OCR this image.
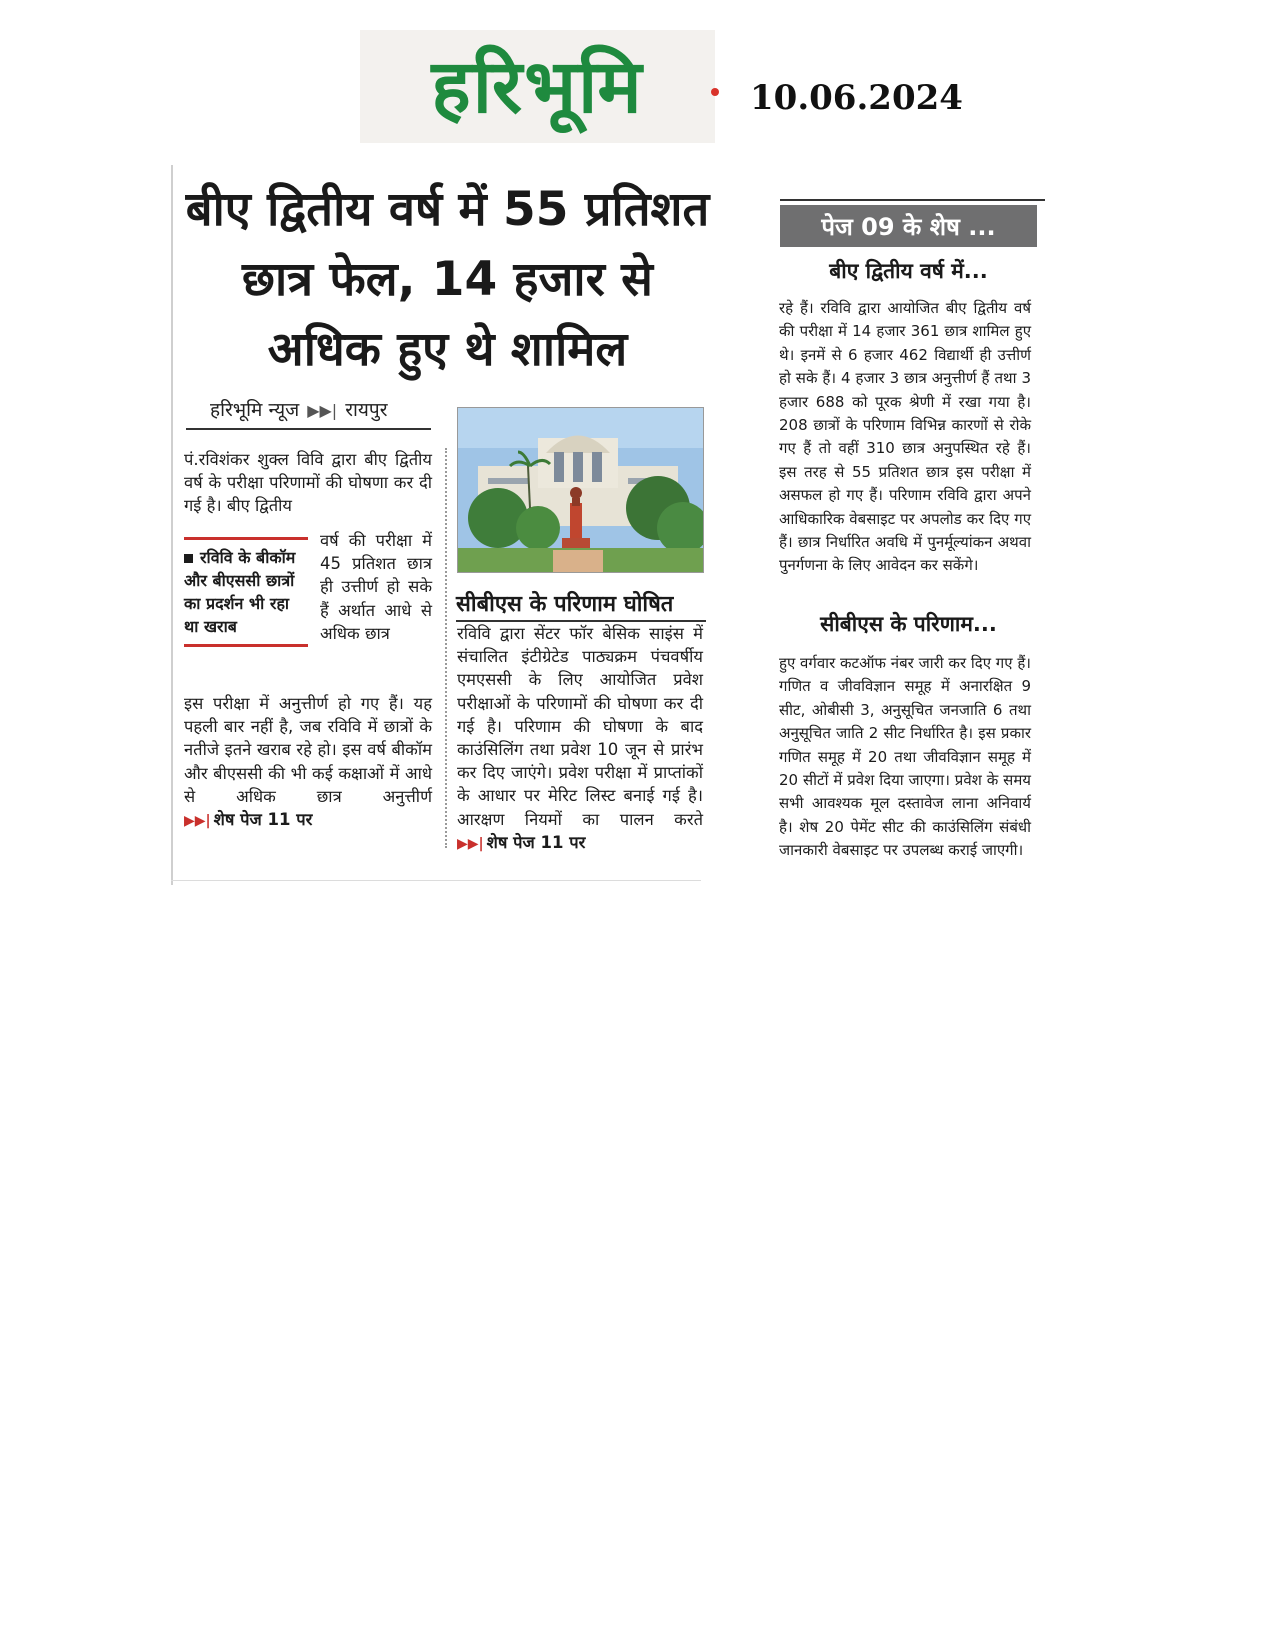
हरिभूमि	10.06.2024
बीए द्वितीय वर्ष में 55 प्रतिशत छात्र फेल, 14 हजार से अधिक हुए थे शामिल
हरिभूमि न्यूज ▶▶| रायपुर

पं.रविशंकर शुक्ल विवि द्वारा बीए द्वितीय वर्ष के परीक्षा परिणामों की घोषणा कर दी गई है। बीए द्वितीय

रविवि के बीकॉम और बीएससी छात्रों का प्रदर्शन भी रहा था खराब

वर्ष की परीक्षा में 45 प्रतिशत छात्र ही उत्तीर्ण हो सके हैं अर्थात आधे से अधिक छात्र

इस परीक्षा में अनुत्तीर्ण हो गए हैं। यह पहली बार नहीं है, जब रविवि में छात्रों के नतीजे इतने खराब रहे हो। इस वर्ष बीकॉम और बीएससी की भी कई कक्षाओं में आधे से अधिक छात्र अनुत्तीर्ण ▶▶| शेष पेज 11 पर

सीबीएस के परिणाम घोषित

रविवि द्वारा सेंटर फॉर बेसिक साइंस में संचालित इंटीग्रेटेड पाठ्यक्रम पंचवर्षीय एमएससी के लिए आयोजित प्रवेश परीक्षाओं के परिणामों की घोषणा कर दी गई है। परिणाम की घोषणा के बाद काउंसिलिंग तथा प्रवेश 10 जून से प्रारंभ कर दिए जाएंगे। प्रवेश परीक्षा में प्राप्तांकों के आधार पर मेरिट लिस्ट बनाई गई है। आरक्षण नियमों का पालन करते ▶▶| शेष पेज 11 पर

पेज 09 के शेष ...
बीए द्वितीय वर्ष में...

रहे हैं। रविवि द्वारा आयोजित बीए द्वितीय वर्ष की परीक्षा में 14 हजार 361 छात्र शामिल हुए थे। इनमें से 6 हजार 462 विद्यार्थी ही उत्तीर्ण हो सके हैं। 4 हजार 3 छात्र अनुत्तीर्ण हैं तथा 3 हजार 688 को पूरक श्रेणी में रखा गया है। 208 छात्रों के परिणाम विभिन्न कारणों से रोके गए हैं तो वहीं 310 छात्र अनुपस्थित रहे हैं। इस तरह से 55 प्रतिशत छात्र इस परीक्षा में असफल हो गए हैं। परिणाम रविवि द्वारा अपने आधिकारिक वेबसाइट पर अपलोड कर दिए गए हैं। छात्र निर्धारित अवधि में पुनर्मूल्यांकन अथवा पुनर्गणना के लिए आवेदन कर सकेंगे।

सीबीएस के परिणाम...

हुए वर्गवार कटऑफ नंबर जारी कर दिए गए हैं।गणित व जीवविज्ञान समूह में अनारक्षित 9 सीट, ओबीसी 3, अनुसूचित जनजाति 6 तथा अनुसूचित जाति 2 सीट निर्धारित है। इस प्रकार गणित समूह में 20 तथा जीवविज्ञान समूह में 20 सीटों में प्रवेश दिया जाएगा। प्रवेश के समय सभी आवश्यक मूल दस्तावेज लाना अनिवार्य है। शेष 20 पेमेंट सीट की काउंसिलिंग संबंधी जानकारी वेबसाइट पर उपलब्ध कराई जाएगी।
